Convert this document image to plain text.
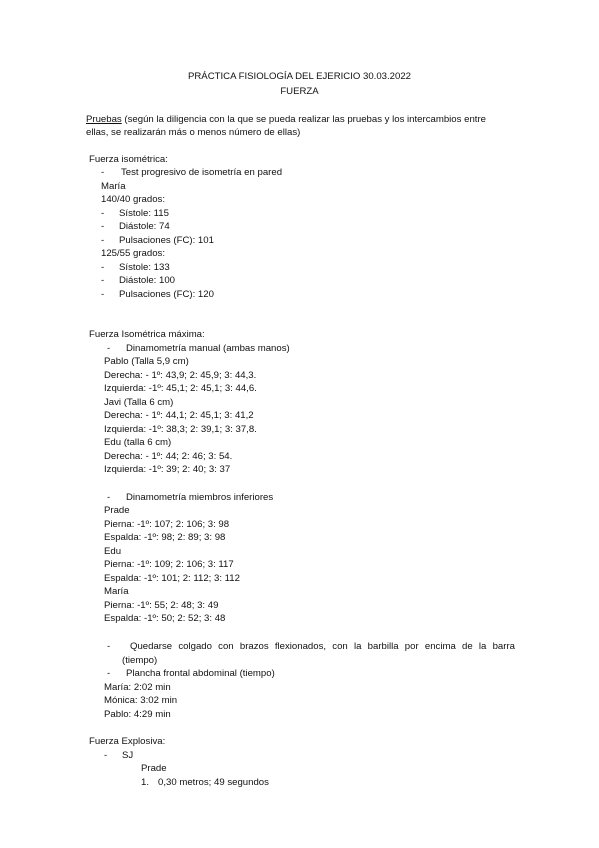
PRÁCTICA FISIOLOGÍA DEL EJERICIO 30.03.2022
FUERZA
Pruebas (según la diligencia con la que se pueda realizar las pruebas y los intercambios entre
ellas, se realizarán más o menos número de ellas)
Fuerza isométrica:
- Test progresivo de isometría en pared
María
140/40 grados:
- Sístole: 115
- Diástole: 74
- Pulsaciones (FC): 101
125/55 grados:
- Sístole: 133
- Diástole: 100
- Pulsaciones (FC): 120
Fuerza Isométrica máxima:
- Dinamometría manual (ambas manos)
Pablo (Talla 5,9 cm)
Derecha: - 1º: 43,9; 2: 45,9; 3: 44,3.
Izquierda: -1º: 45,1; 2: 45,1; 3: 44,6.
Javi (Talla 6 cm)
Derecha: - 1º: 44,1; 2: 45,1; 3: 41,2
Izquierda: -1º: 38,3; 2: 39,1; 3: 37,8.
Edu (talla 6 cm)
Derecha: - 1º: 44; 2: 46; 3: 54.
Izquierda: -1º: 39; 2: 40; 3: 37
- Dinamometría miembros inferiores
Prade
Pierna: -1º: 107; 2: 106; 3: 98
Espalda: -1º: 98; 2: 89; 3: 98
Edu
Pierna: -1º: 109; 2: 106; 3: 117
Espalda: -1º: 101; 2: 112; 3: 112
María
Pierna: -1º: 55; 2: 48; 3: 49
Espalda: -1º: 50; 2: 52; 3: 48
- Quedarse colgado con brazos flexionados, con la barbilla por encima de la barra
(tiempo)
- Plancha frontal abdominal (tiempo)
María: 2:02 min
Mónica: 3:02 min
Pablo: 4:29 min
Fuerza Explosiva:
- SJ
Prade
1. 0,30 metros; 49 segundos
